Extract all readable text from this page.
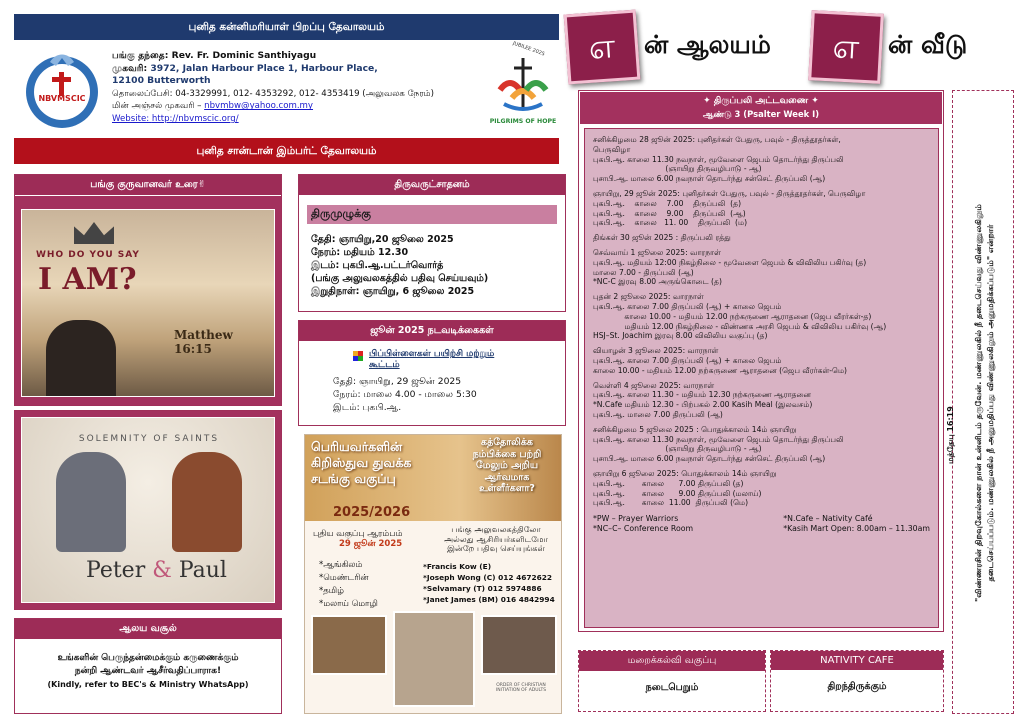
புனித கன்னிமரியாள் பிறப்பு தேவாலயம்
NBVMSCIC
பங்கு தந்தை: Rev. Fr. Dominic Santhiyagu
முகவரி: 3972, Jalan Harbour Place 1, Harbour Place,
12100 Butterworth
தொலைப்பேசி: 04-3329991, 012- 4353292, 012- 4353419 (அலுவலக நேரம்)
மின் அஞ்சல் முகவரி – nbvmbw@yahoo.com.my
Website: http://nbvmscic.org/
JUBILEE 2025
PILGRIMS OF HOPE
புனித சான்டான் இம்பர்ட் தேவாலயம்
எ	ன் ஆலயம்	எ	ன் வீடு
பங்கு குருவானவர் உரை✌
WHO DO YOU SAY
I AM?
Matthew 16:15
SOLEMNITY OF SAINTS
Peter & Paul
ஆலய வசூல்
உங்களின் பெருந்தன்மைக்கும் கருணைக்கும்
நன்றி ஆண்டவர் ஆசீர்வதிப்பாராக!
(Kindly, refer to BEC's & Ministry WhatsApp)
திருவருட்சாதனம்
திருமுழுக்கு
தேதி: ஞாயிறு,20 ஜூலை 2025
நேரம்: மதியம் 12.30
இடம்: புகபி.ஆ.பட்டர்வொர்த்
(பங்கு அலுவலகத்தில் பதிவு செய்யவும்)
இறுதிநாள்: ஞாயிறு, 6 ஜூலை 2025
ஜூன் 2025 நடவடிக்கைகள்
பிப்பிள்ளைகள் பயிற்சி மற்றும்
கூட்டம்
தேதி: ஞாயிறு, 29 ஜூன் 2025
நேரம்: மாலை 4.00 - மாலை 5:30
இடம்: புகபி.ஆ.
பெரியவர்களின்
கிறிஸ்துவ துவக்க
சடங்கு வகுப்பு
கத்தோலிக்க
நம்பிக்கை பற்றி
மேலும் அறிய
ஆர்வமாக
உள்ளீர்களா?
2025/2026
புதிய வகுப்பு ஆரம்பம்
29 ஜூன் 2025
பங்கு அலுவலகத்திலோ
அல்லது ஆசிரியர்களிடமோ
இன்றே பதிவு செய்யுங்கள்
*ஆங்கிலம்
*மெண்டரின்
*தமிழ்
*மலாய் மொழி
*Francis Kow (E)
*Joseph Wong (C) 012 4672622
*Selvamary (T) 012 5974886
*Janet James (BM) 016 4842994
ORDER OF CHRISTIAN INITIATION OF ADULTS
✦ திருப்பலி அட்டவணை ✦
ஆண்டு 3 (Psalter Week I)
சனிக்கிழமை 28 ஜூன் 2025: புனிதர்கள் பேதுரு, பவுல் - திருத்தூதர்கள்,
பெருவிழா
புகபி.ஆ. காலை 11.30 நவநாள், மூவேளை ஜெபம் தொடர்ந்து திருப்பலி
(ஞாயிறு திருவழிபாடு - ஆ)
புசாபி.ஆ. மாலை 6.00 நவநாள் தொடர்ந்து சன்செட் திருப்பலி (ஆ)
ஞாயிறு, 29 ஜூன் 2025: புனிதர்கள் பேதுரு, பவுல் - திருத்தூதர்கள், பெருவிழா
புகபி.ஆ.    காலை    7.00    திருப்பலி  (த)
புகபி.ஆ.    காலை    9.00    திருப்பலி  (ஆ)
புகபி.ஆ.    காலை   11. 00    திருப்பலி  (ம)
திங்கள் 30 ஜூன் 2025 : திருப்பலி ரத்து
செவ்வாய் 1 ஜூலை 2025: வாரநாள்
புகபி.ஆ. மதியம் 12:00 நிகழ்நிலை - மூவேளை ஜெபம் & விவிலிய பகிர்வு (த)
மாலை 7.00 - திருப்பலி (ஆ)
*NC-C இரவு 8.00 அருங்கொடை (த)
புதன் 2 ஜூலை 2025: வாரநாள்
புகபி.ஆ. காலை 7.00 திருப்பலி (ஆ) + காலை ஜெபம்
காலை 10.00 - மதியம் 12.00 நற்கருணை ஆராதனை (ஜெப வீரர்கள்-த)
மதியம் 12.00 நிகழ்நிலை - விண்ணக அரசி ஜெபம் & விவிலிய பகிர்வு (ஆ)
HSJ–St. Joachim இரவு 8.00 விவிலிய வகுப்பு (த)
வியாழன் 3 ஜூலை 2025: வாரநாள்
புகபி.ஆ. காலை 7.00 திருப்பலி (ஆ) + காலை ஜெபம்
காலை 10.00 - மதியம் 12.00 நற்கருணை ஆராதனை (ஜெப வீரர்கள்-மெ)
வெள்ளி 4 ஜூலை 2025: வாரநாள்
புகபி.ஆ. காலை 11.30 - மதியம் 12.30 நற்கருணை ஆராதனை
*N.Cafe மதியம் 12.30 - பிற்பகல் 2.00 Kasih Meal (இலவசம்)
புகபி.ஆ. மாலை 7.00 திருப்பலி (ஆ)
சனிக்கிழமை 5 ஜூலை 2025 : பொதுக்காலம் 14ம் ஞாயிறு
புகபி.ஆ. காலை 11.30 நவநாள், மூவேளை ஜெபம் தொடர்ந்து திருப்பலி
(ஞாயிறு திருவழிபாடு - ஆ)
புசாபி.ஆ. மாலை 6.00 நவநாள் தொடர்ந்து சன்செட் திருப்பலி (ஆ)
ஞாயிறு 6 ஜூலை 2025: பொதுக்காலம் 14ம் ஞாயிறு
புகபி.ஆ.       காலை      7.00 திருப்பலி (த)
புகபி.ஆ.       காலை      9.00 திருப்பலி (மலாய்)
புகபி.ஆ.       காலை  11.00  திருப்பலி (மெ)
*PW – Prayer Warriors
*NC–C– Conference Room
*N.Cafe – Nativity Café
*Kasih Mart Open: 8.00am – 11.30am
மறைக்கல்வி வகுப்பு
நடைபெறும்
NATIVITY CAFE
திறந்திருக்கும்
"விண்ணரசின் திறவுகோல்களை நான் உன்னிடம் தருவேன். மண்ணுலகில் நீ தடைசெய்வது விண்ணுலகிலும் தடைசெய்யப்படும். மண்ணுலகில் நீ அனுமதிப்பது விண்ணுலகிலும் அனுமதிக்கப்படும்" என்றார்
மத்தேயு 16:19
